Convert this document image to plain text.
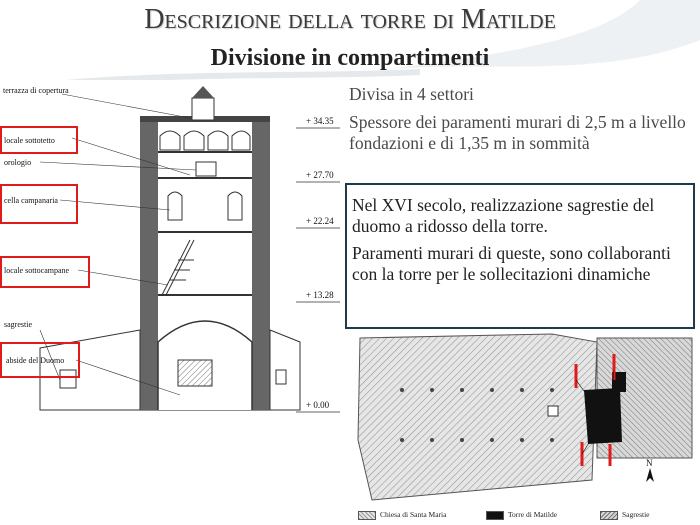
Descrizione della torre di Matilde
Divisione in compartimenti
terrazza di copertura
locale sottotetto
orologio
cella campanaria
locale sottocampane
sagrestie
abside del Duomo
+ 34.35
+ 27.70
+ 22.24
+ 13.28
+ 0.00

Divisa in 4 settori

Spessore dei paramenti murari di 2,5 m a livello fondazioni e di 1,35 m in sommità

Nel XVI secolo, realizzazione sagrestie del duomo a ridosso della torre.

Paramenti murari di queste, sono collaboranti con la torre per le sollecitazioni dinamiche

N
Chiesa di Santa Maria	Torre di Matilde	Sagrestie
